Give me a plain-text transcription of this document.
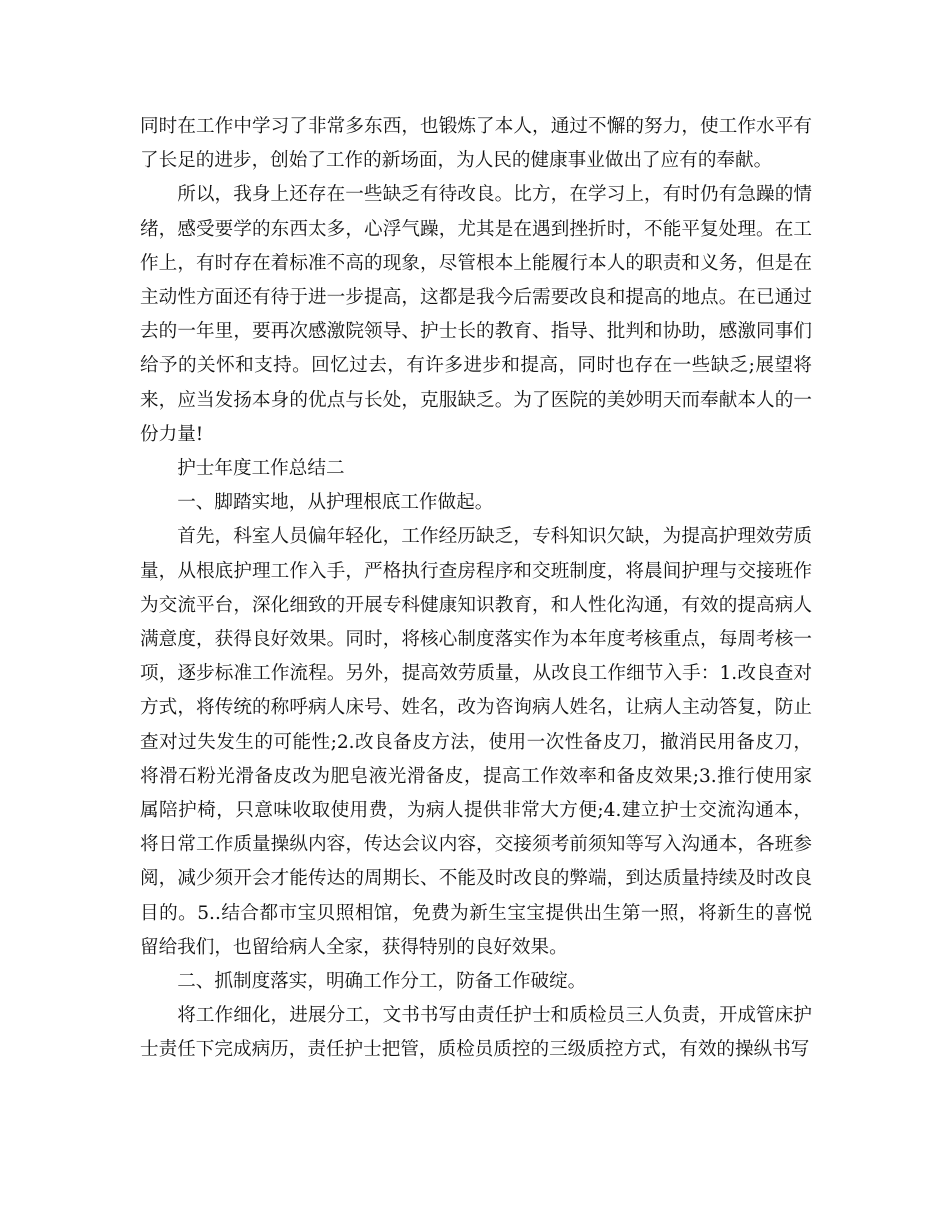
同时在工作中学习了非常多东西，也锻炼了本人，通过不懈的努力，使工作水平有了长足的进步，创始了工作的新场面，为人民的健康事业做出了应有的奉献。

所以，我身上还存在一些缺乏有待改良。比方，在学习上，有时仍有急躁的情绪，感受要学的东西太多，心浮气躁，尤其是在遇到挫折时，不能平复处理。在工作上，有时存在着标准不高的现象，尽管根本上能履行本人的职责和义务，但是在主动性方面还有待于进一步提高，这都是我今后需要改良和提高的地点。在已通过去的一年里，要再次感激院领导、护士长的教育、指导、批判和协助，感激同事们给予的关怀和支持。回忆过去，有许多进步和提高，同时也存在一些缺乏;展望将来，应当发扬本身的优点与长处，克服缺乏。为了医院的美妙明天而奉献本人的一份力量!

护士年度工作总结二

一、脚踏实地，从护理根底工作做起。

首先，科室人员偏年轻化，工作经历缺乏，专科知识欠缺，为提高护理效劳质量，从根底护理工作入手，严格执行查房程序和交班制度，将晨间护理与交接班作为交流平台，深化细致的开展专科健康知识教育，和人性化沟通，有效的提高病人满意度，获得良好效果。同时，将核心制度落实作为本年度考核重点，每周考核一项，逐步标准工作流程。另外，提高效劳质量，从改良工作细节入手：1.改良查对方式，将传统的称呼病人床号、姓名，改为咨询病人姓名，让病人主动答复，防止查对过失发生的可能性;2.改良备皮方法，使用一次性备皮刀，撤消民用备皮刀，将滑石粉光滑备皮改为肥皂液光滑备皮，提高工作效率和备皮效果;3.推行使用家属陪护椅，只意味收取使用费，为病人提供非常大方便;4.建立护士交流沟通本，将日常工作质量操纵内容，传达会议内容，交接须考前须知等写入沟通本，各班参阅，减少须开会才能传达的周期长、不能及时改良的弊端，到达质量持续及时改良目的。5..结合都市宝贝照相馆，免费为新生宝宝提供出生第一照，将新生的喜悦留给我们，也留给病人全家，获得特别的良好效果。

二、抓制度落实，明确工作分工，防备工作破绽。

将工作细化，进展分工，文书书写由责任护士和质检员三人负责，开成管床护士责任下完成病历，责任护士把管，质检员质控的三级质控方式，有效的操纵书写
